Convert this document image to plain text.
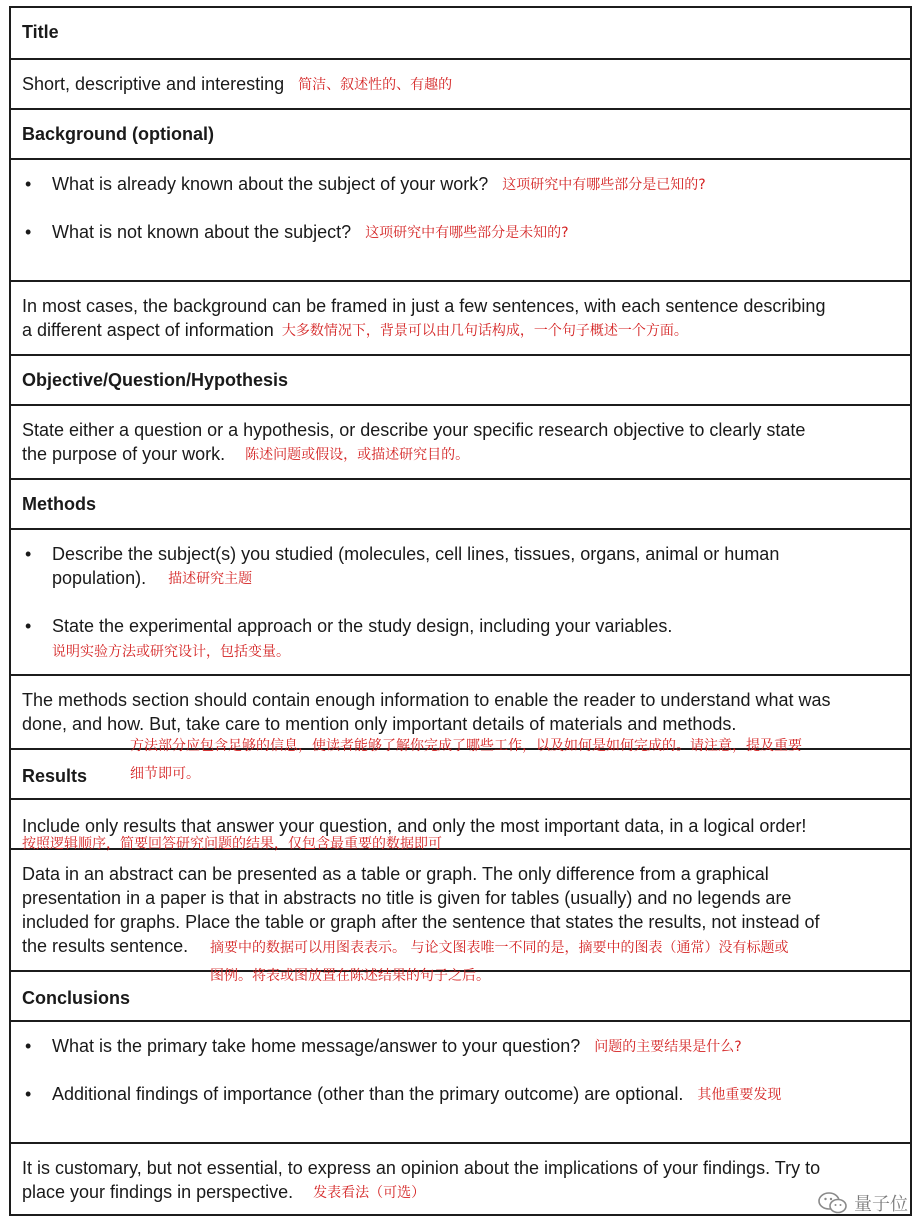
Title
Short, descriptive and interesting 简洁、叙述性的、有趣的
Background (optional)
• What is already known about the subject of your work? 这项研究中有哪些部分是已知的?
• What is not known about the subject? 这项研究中有哪些部分是未知的?
In most cases, the background can be framed in just a few sentences, with each sentence describing
a different aspect of information 大多数情况下，背景可以由几句话构成，一个句子概述一个方面。
Objective/Question/Hypothesis
State either a question or a hypothesis, or describe your specific research objective to clearly state
the purpose of your work. 陈述问题或假设，或描述研究目的。
Methods
• Describe the subject(s) you studied (molecules, cell lines, tissues, organs, animal or human
population). 描述研究主题
• State the experimental approach or the study design, including your variables.
说明实验方法或研究设计，包括变量。
The methods section should contain enough information to enable the reader to understand what was
done, and how. But, take care to mention only important details of materials and methods.
Results
Include only results that answer your question, and only the most important data, in a logical order!
Data in an abstract can be presented as a table or graph. The only difference from a graphical
presentation in a paper is that in abstracts no title is given for tables (usually) and no legends are
included for graphs. Place the table or graph after the sentence that states the results, not instead of
the results sentence.
Conclusions
• What is the primary take home message/answer to your question? 问题的主要结果是什么?
• Additional findings of importance (other than the primary outcome) are optional. 其他重要发现
It is customary, but not essential, to express an opinion about the implications of your findings. Try to
place your findings in perspective. 发表看法（可选）
方法部分应包含足够的信息，使读者能够了解你完成了哪些工作，以及如何是如何完成的。请注意，提及重要
细节即可。
按照逻辑顺序，简要回答研究问题的结果，仅包含最重要的数据即可
摘要中的数据可以用图表表示。 与论文图表唯一不同的是，摘要中的图表（通常）没有标题或
图例。将表或图放置在陈述结果的句子之后。
量子位
